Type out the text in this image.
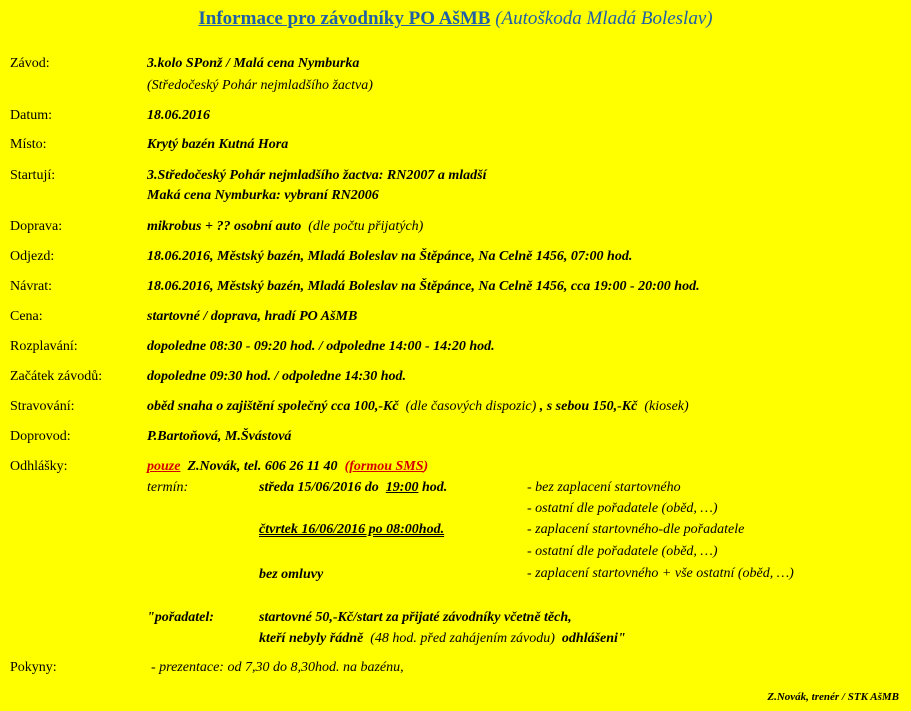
Informace pro závodníky PO AšMB (Autoškoda Mladá Boleslav)
Závod:	3.kolo SPonž / Malá cena Nymburka
(Středočeský Pohár nejmladšího žactva)
Datum:	18.06.2016
Místo:	Krytý bazén Kutná Hora
Startují:	3.Středočeský Pohár nejmladšího žactva: RN2007 a mladší
Maká cena Nymburka: vybraní RN2006
Doprava:	mikrobus + ?? osobní auto (dle počtu přijatých)
Odjezd:	18.06.2016, Městský bazén, Mladá Boleslav na Štěpánce, Na Celně 1456, 07:00 hod.
Návrat:	18.06.2016, Městský bazén, Mladá Boleslav na Štěpánce, Na Celně 1456, cca 19:00 - 20:00 hod.
Cena:	startovné / doprava, hradí PO AšMB
Rozplavání:	dopoledne 08:30 - 09:20 hod. / odpoledne 14:00 - 14:20 hod.
Začátek závodů:	dopoledne 09:30 hod. / odpoledne 14:30 hod.
Stravování:	oběd snaha o zajištění společný cca 100,-Kč (dle časových dispozic) , s sebou 150,-Kč (kiosek)
Doprovod:	P.Bartoňová, M.Švástová
Odhlášky:	pouze Z.Novák, tel. 606 26 11 40 (formou SMS)
termín:	středa 15/06/2016 do 19:00 hod.	- bez zaplacení startovného
- ostatní dle pořadatele (oběd, …)
čtvrtek 16/06/2016 po 08:00hod.	- zaplacení startovného-dle pořadatele
- ostatní dle pořadatele (oběd, …)
bez omluvy	- zaplacení startovného + vše ostatní (oběd, …)
"pořadatel:	startovné 50,-Kč/start za přijaté závodníky včetně těch,
kteří nebyly řádně (48 hod. před zahájením závodu) odhlášeni"
Pokyny:	- prezentace: od 7,30 do 8,30hod. na bazénu,
Z.Novák, trenér / STK AšMB
